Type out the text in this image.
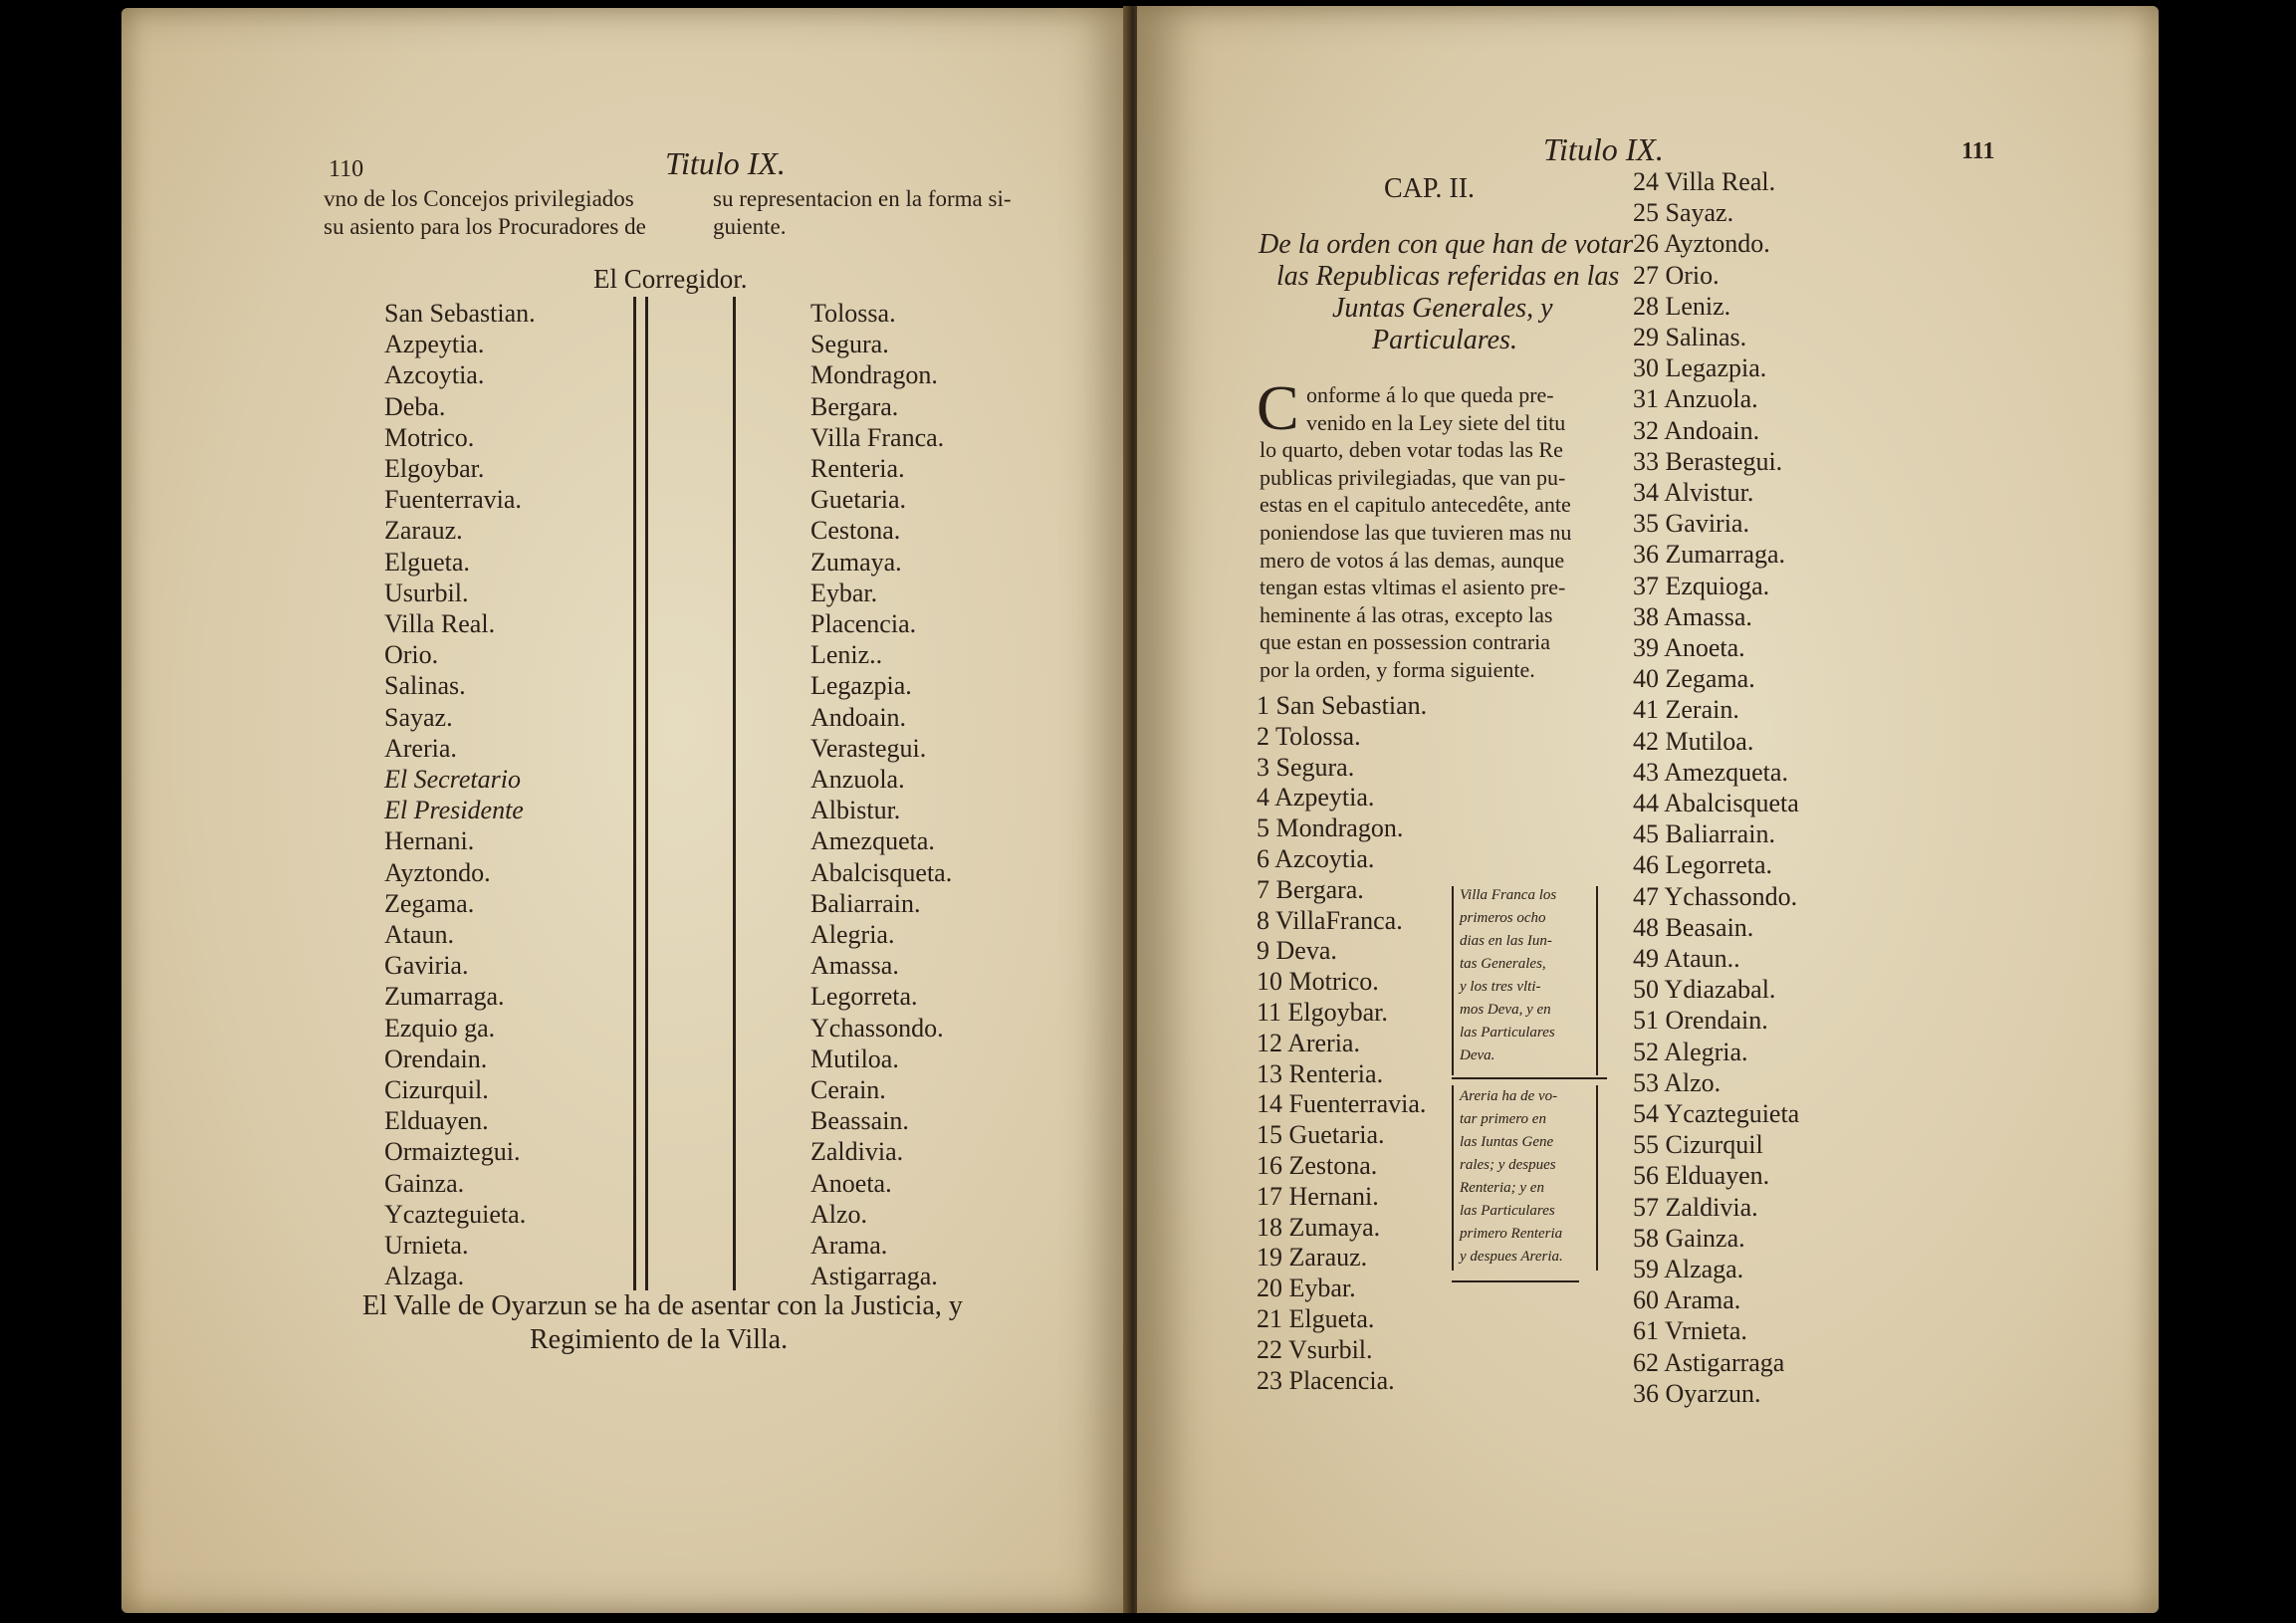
110	Titulo IX.
vno de los Concejos privilegiados
su asiento para los Procuradores de
su representacion en la forma si-
guiente.
El Corregidor.
San Sebastian.
Azpeytia.
Azcoytia.
Deba.
Motrico.
Elgoybar.
Fuenterravia.
Zarauz.
Elgueta.
Usurbil.
Villa Real.
Orio.
Salinas.
Sayaz.
Areria.
El Secretario
El Presidente
Hernani.
Ayztondo.
Zegama.
Ataun.
Gaviria.
Zumarraga.
Ezquio ga.
Orendain.
Cizurquil.
Elduayen.
Ormaiztegui.
Gainza.
Ycazteguieta.
Urnieta.
Alzaga.
Tolossa.
Segura.
Mondragon.
Bergara.
Villa Franca.
Renteria.
Guetaria.
Cestona.
Zumaya.
Eybar.
Placencia.
Leniz..
Legazpia.
Andoain.
Verastegui.
Anzuola.
Albistur.
Amezqueta.
Abalcisqueta.
Baliarrain.
Alegria.
Amassa.
Legorreta.
Ychassondo.
Mutiloa.
Cerain.
Beassain.
Zaldivia.
Anoeta.
Alzo.
Arama.
Astigarraga.
El Valle de Oyarzun se ha de asentar con la Justicia, y
Regimiento de la Villa.
Titulo IX.	111
CAP. II.
De la orden con que han de votar
las Republicas referidas en las
Juntas Generales, y
Particulares.
C onforme á lo que queda pre-
venido en la Ley siete del titu
lo quarto, deben votar todas las Re
publicas privilegiadas, que van pu-
estas en el capitulo antecedête, ante
poniendose las que tuvieren mas nu
mero de votos á las demas, aunque
tengan estas vltimas el asiento pre-
heminente á las otras, excepto las
que estan en possession contraria
por la orden, y forma siguiente.
1 San Sebastian.
2 Tolossa.
3 Segura.
4 Azpeytia.
5 Mondragon.
6 Azcoytia.
7 Bergara.
8 VillaFranca.
9 Deva.
10 Motrico.
11 Elgoybar.
12 Areria.
13 Renteria.
14 Fuenterravia.
15 Guetaria.
16 Zestona.
17 Hernani.
18 Zumaya.
19 Zarauz.
20 Eybar.
21 Elgueta.
22 Vsurbil.
23 Placencia.
24 Villa Real.
25 Sayaz.
26 Ayztondo.
27 Orio.
28 Leniz.
29 Salinas.
30 Legazpia.
31 Anzuola.
32 Andoain.
33 Berastegui.
34 Alvistur.
35 Gaviria.
36 Zumarraga.
37 Ezquioga.
38 Amassa.
39 Anoeta.
40 Zegama.
41 Zerain.
42 Mutiloa.
43 Amezqueta.
44 Abalcisqueta
45 Baliarrain.
46 Legorreta.
47 Ychassondo.
48 Beasain.
49 Ataun..
50 Ydiazabal.
51 Orendain.
52 Alegria.
53 Alzo.
54 Ycazteguieta
55 Cizurquil
56 Elduayen.
57 Zaldivia.
58 Gainza.
59 Alzaga.
60 Arama.
61 Vrnieta.
62 Astigarraga
36 Oyarzun.
Villa Franca los
primeros ocho
dias en las Iun-
tas Generales,
y los tres vlti-
mos Deva, y en
las Particulares
Deva.
Areria ha de vo-
tar primero en
las Iuntas Gene
rales; y despues
Renteria; y en
las Particulares
primero Renteria
y despues Areria.
